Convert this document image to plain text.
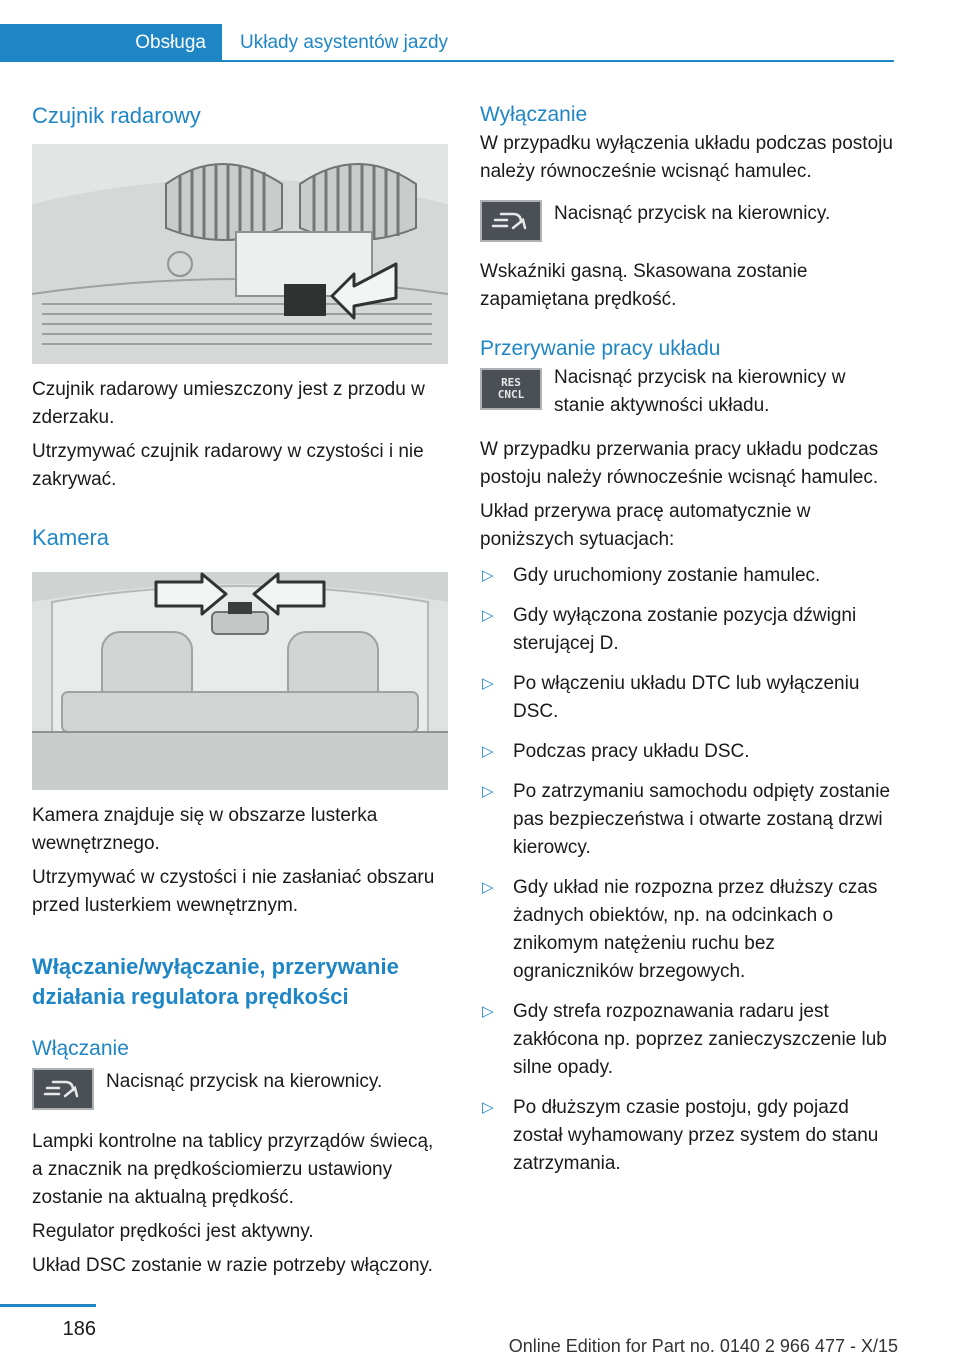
Obsługa	Układy asystentów jazdy
Czujnik radarowy

Czujnik radarowy umieszczony jest z przodu w zderzaku.

Utrzymywać czujnik radarowy w czystości i nie zakrywać.

Kamera

Kamera znajduje się w obszarze lusterka wewnętrznego.

Utrzymywać w czystości i nie zasłaniać obszaru przed lusterkiem wewnętrznym.

Włączanie/wyłączanie, przerywanie działania regulatora prędkości
Włączanie
Nacisnąć przycisk na kierownicy.

Lampki kontrolne na tablicy przyrządów świecą, a znacznik na prędkościomierzu ustawiony zostanie na aktualną prędkość.

Regulator prędkości jest aktywny.

Układ DSC zostanie w razie potrzeby włączony.

Wyłączanie

W przypadku wyłączenia układu podczas postoju należy równocześnie wcisnąć hamulec.

Nacisnąć przycisk na kierownicy.

Wskaźniki gasną. Skasowana zostanie zapamiętana prędkość.

Przerywanie pracy układu
RES
CNCL
Nacisnąć przycisk na kierownicy w stanie aktywności układu.

W przypadku przerwania pracy układu podczas postoju należy równocześnie wcisnąć hamulec.

Układ przerywa pracę automatycznie w poniższych sytuacjach:

▷ Gdy uruchomiony zostanie hamulec.
▷ Gdy wyłączona zostanie pozycja dźwigni sterującej D.
▷ Po włączeniu układu DTC lub wyłączeniu DSC.
▷ Podczas pracy układu DSC.
▷ Po zatrzymaniu samochodu odpięty zostanie pas bezpieczeństwa i otwarte zostaną drzwi kierowcy.
▷ Gdy układ nie rozpozna przez dłuższy czas żadnych obiektów, np. na odcinkach o znikomym natężeniu ruchu bez ograniczników brzegowych.
▷ Gdy strefa rozpoznawania radaru jest zakłócona np. poprzez zanieczyszczenie lub silne opady.
▷ Po dłuższym czasie postoju, gdy pojazd został wyhamowany przez system do stanu zatrzymania.
186
Online Edition for Part no. 0140 2 966 477 - X/15
